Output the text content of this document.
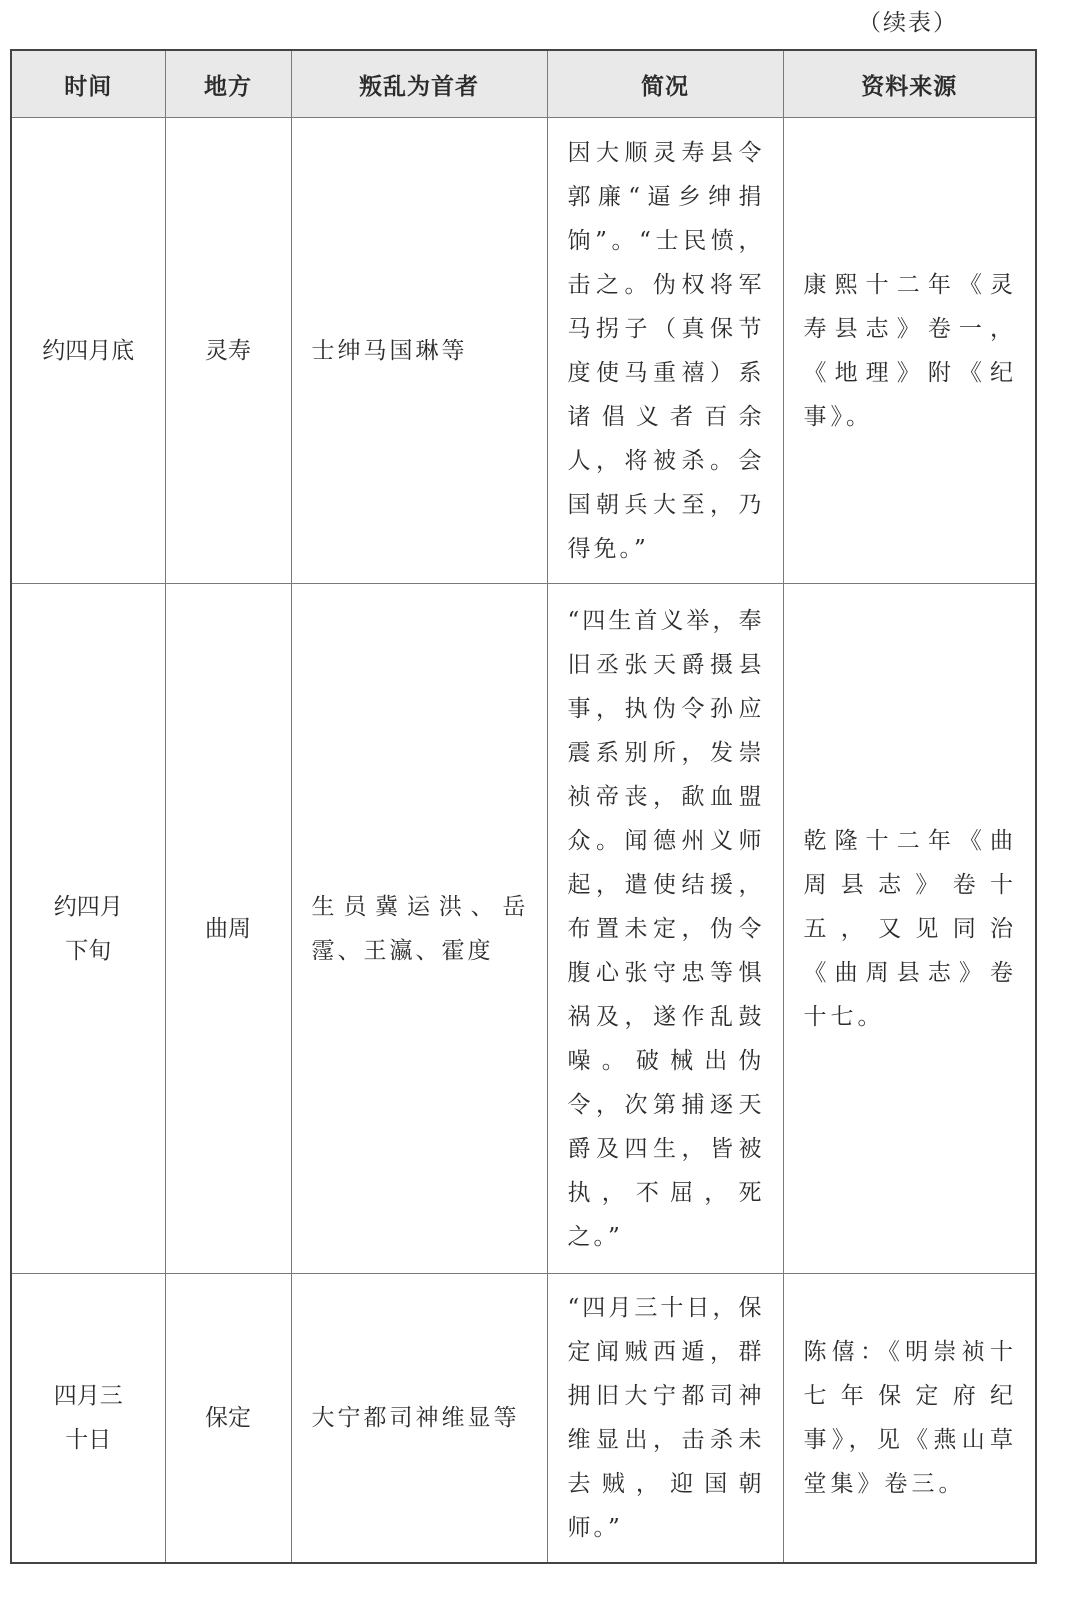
（续表）
时间	地方	叛乱为首者	简况	资料来源

约四月底	灵寿	士绅马国琳等	因大顺灵寿县令郭廉“逼乡绅捐饷”。“士民愤，击之。伪权将军马拐子（真保节度使马重禧）系诸倡义者百余人，将被杀。会国朝兵大至，乃得免。”	康熙十二年《灵寿县志》卷一，《地理》附《纪事》。

约四月下旬	曲周	生员冀运洪、岳霪、王瀛、霍度	“四生首义举，奉旧丞张天爵摄县事，执伪令孙应震系别所，发崇祯帝丧，歃血盟众。闻德州义师起，遣使结援，布置未定，伪令腹心张守忠等惧祸及，遂作乱鼓噪。破械出伪令，次第捕逐天爵及四生，皆被执，不屈，死之。”	乾隆十二年《曲周县志》卷十五，又见同治《曲周县志》卷十七。

四月三十日	保定	大宁都司神维显等	“四月三十日，保定闻贼西遁，群拥旧大宁都司神维显出，击杀未去贼，迎国朝师。”	陈僖：《明崇祯十七年保定府纪事》，见《燕山草堂集》卷三。
